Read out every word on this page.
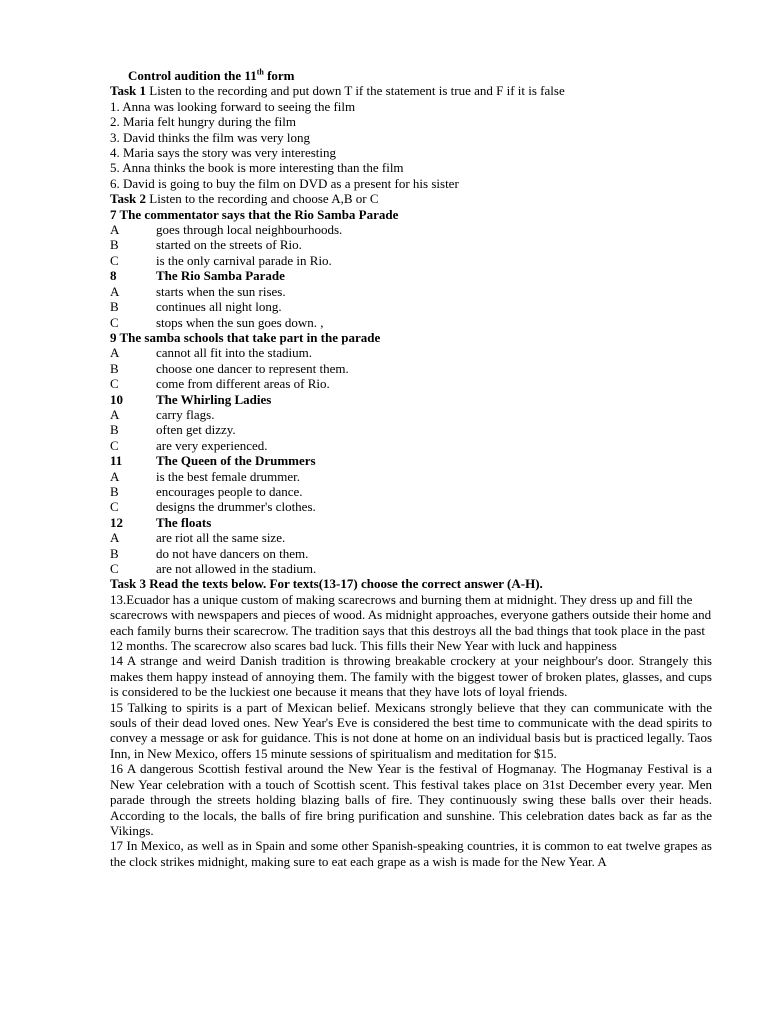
Control audition the 11th form
Task 1 Listen to the recording and put down T if the statement is true and F if it is false
1. Anna was looking forward to seeing the film
2. Maria felt hungry during the film
3. David thinks the film was very long
4. Maria says the story was very interesting
5. Anna thinks the book is more interesting than the film
6. David is going to buy the film on DVD as a present for his sister
Task 2 Listen to the recording and choose A,B or C
7 The commentator says that the Rio Samba Parade
A	goes through local neighbourhoods.
B	started on the streets of Rio.
C	is the only carnival parade in Rio.
8	The Rio Samba Parade
A	starts when the sun rises.
B	continues all night long.
C	stops when the sun goes down. ,
9 The samba schools that take part in the parade
A	cannot all fit into the stadium.
B	choose one dancer to represent them.
C	come from different areas of Rio.
10	The Whirling Ladies
A	carry flags.
B	often get dizzy.
C	are very experienced.
11	The Queen of the Drummers
A	is the best female drummer.
B	encourages people to dance.
C	designs the drummer's clothes.
12	The floats
A	are riot all the same size.
B	do not have dancers on them.
C	are not allowed in the stadium.
Task 3 Read the texts below. For texts(13-17) choose the correct answer (A-H).
13.Ecuador has a unique custom of making scarecrows and burning them at midnight. They dress up and fill the scarecrows with newspapers and pieces of wood. As midnight approaches, everyone gathers outside their home and each family burns their scarecrow. The tradition says that this destroys all the bad things that took place in the past 12 months. The scarecrow also scares bad luck. This fills their New Year with luck and happiness
14 A strange and weird Danish tradition is throwing breakable crockery at your neighbour's door. Strangely this makes them happy instead of annoying them. The family with the biggest tower of broken plates, glasses, and cups is considered to be the luckiest one because it means that they have lots of loyal friends.
15 Talking to spirits is a part of Mexican belief. Mexicans strongly believe that they can communicate with the souls of their dead loved ones. New Year's Eve is considered the best time to communicate with the dead spirits to convey a message or ask for guidance. This is not done at home on an individual basis but is practiced legally. Taos Inn, in New Mexico, offers 15 minute sessions of spiritualism and meditation for $15.
16 A dangerous Scottish festival around the New Year is the festival of Hogmanay. The Hogmanay Festival is a New Year celebration with a touch of Scottish scent. This festival takes place on 31st December every year. Men parade through the streets holding blazing balls of fire. They continuously swing these balls over their heads. According to the locals, the balls of fire bring purification and sunshine. This celebration dates back as far as the Vikings.
17 In Mexico, as well as in Spain and some other Spanish-speaking countries, it is common to eat twelve grapes as the clock strikes midnight, making sure to eat each grape as a wish is made for the New Year. A
